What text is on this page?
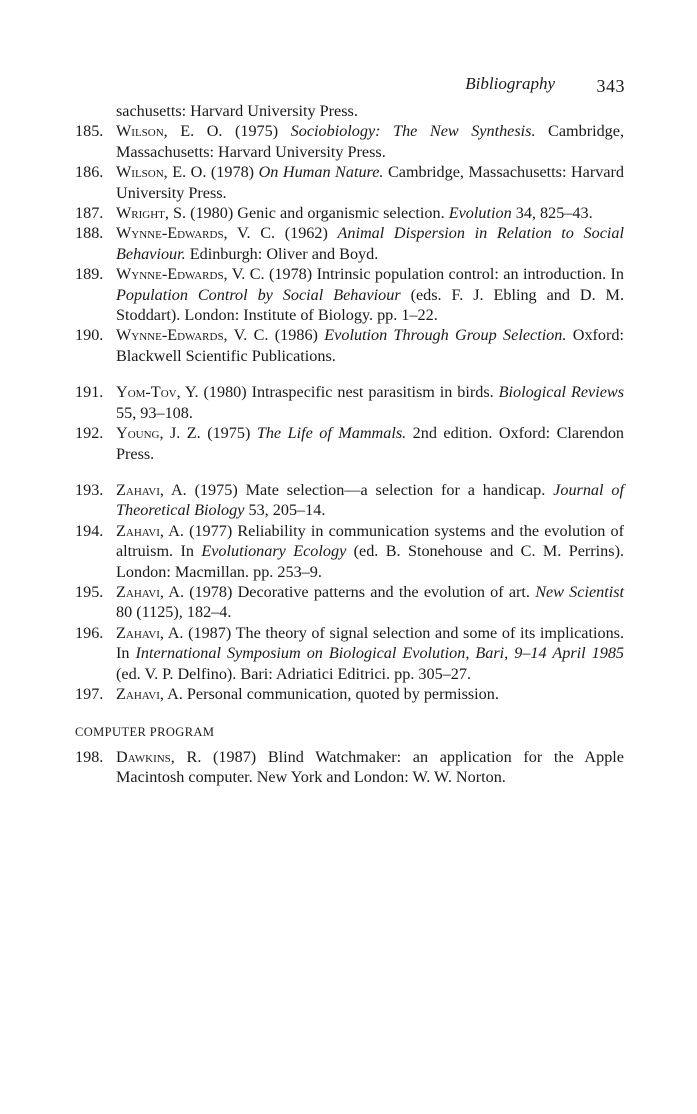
Bibliography 343
sachusetts: Harvard University Press.
185. Wilson, E. O. (1975) Sociobiology: The New Synthesis. Cambridge, Massachusetts: Harvard University Press.
186. Wilson, E. O. (1978) On Human Nature. Cambridge, Massachusetts: Harvard University Press.
187. Wright, S. (1980) Genic and organismic selection. Evolution 34, 825–43.
188. Wynne-Edwards, V. C. (1962) Animal Dispersion in Relation to Social Behaviour. Edinburgh: Oliver and Boyd.
189. Wynne-Edwards, V. C. (1978) Intrinsic population control: an introduction. In Population Control by Social Behaviour (eds. F. J. Ebling and D. M. Stoddart). London: Institute of Biology. pp. 1–22.
190. Wynne-Edwards, V. C. (1986) Evolution Through Group Selection. Oxford: Blackwell Scientific Publications.
191. Yom-Tov, Y. (1980) Intraspecific nest parasitism in birds. Biological Reviews 55, 93–108.
192. Young, J. Z. (1975) The Life of Mammals. 2nd edition. Oxford: Clarendon Press.
193. Zahavi, A. (1975) Mate selection—a selection for a handicap. Journal of Theoretical Biology 53, 205–14.
194. Zahavi, A. (1977) Reliability in communication systems and the evolution of altruism. In Evolutionary Ecology (ed. B. Stonehouse and C. M. Perrins). London: Macmillan. pp. 253–9.
195. Zahavi, A. (1978) Decorative patterns and the evolution of art. New Scientist 80 (1125), 182–4.
196. Zahavi, A. (1987) The theory of signal selection and some of its implications. In International Symposium on Biological Evolution, Bari, 9–14 April 1985 (ed. V. P. Delfino). Bari: Adriatici Editrici. pp. 305–27.
197. Zahavi, A. Personal communication, quoted by permission.
COMPUTER PROGRAM
198. Dawkins, R. (1987) Blind Watchmaker: an application for the Apple Macintosh computer. New York and London: W. W. Norton.
